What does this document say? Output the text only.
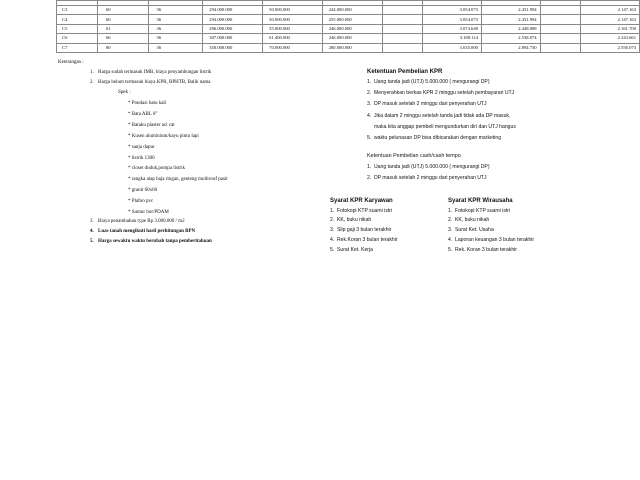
C3	60	36	294.000.000	50.000.000	244.000.000		3.054.073	2.431.994		2.147.163
C4	60	36	294.000.000	50.000.000	255.000.000		3.054.073	2.431.994		2.147.163
C5	61	36	296.000.000	55.000.000	246.000.000		3.074.648	2.448.008		2.161.700
C6	66	36	307.000.000	61.400.000	246.000.000		3.188.114	2.538.074		2.243.661
C7	80	36	350.000.000	70.000.000	280.000.000		3.635.000	2.894.730		2.556.073
Keterangan :
1. Harga sudah termasuk IMB, biaya penyambungan listrik
2. Harga belum termasuk biaya KPR, BPHTB, Balik nama
Spek :
* Pondasi batu kali
* Bata ABL 8"
* Bataku plaster aci cat
* Kusen aluminium/kayu pintu lapi
* sanja dapur
* listrik 1300
* closet duduk,pompa listrik
* rangka atap baja ringan, genteng multiroof pasir
* granit 60x60
* Plafon pvc
* Sumur bor/PDAM
3. Biaya penambahan type Rp 3.000.000 / m2
4. Luas tanah mengikuti hasil perhitungan BPN
5. Harga sewaktu waktu berubah tanpa pemberitahuan
Ketentuan Pembelian KPR
1. Uang tanda jadi (UTJ) 5.000.000 ( mengurangi DP)
2. Menyerahkan berkas KPR 2 minggu setelah pembayaran UTJ
3. DP masuk setelah 2 minggu dari penyerahan UTJ
4. Jika dalam 2 minggu setelah tanda jadi tidak ada DP masuk,
maka kita anggap pembeli mengundurkan diri dan UTJ hangus
5. waktu pelunasan DP bisa dibicarakan dengan marketing
Ketentuan Pembelian cash/cash tempo
1. Uang tanda jadi (UTJ) 5.000.000 ( mengurangi DP)
2. DP masuk setelah 2 minggu dari penyerahan UTJ
Syarat KPR Karyawan
1. Fotokopi KTP suami istri
2. KK, buku nikah
3. Slip gaji 3 bulan terakhir
4. Rek.Koran 3 bulan terakhir
5. Surat Ket. Kerja
Syarat KPR Wirausaha
1. Fotokopi KTP suami istri
2. KK, buku nikah
3. Surat Ket. Usaha
4. Laporan keuangan 3 bulan terakhir
5. Rek. Koran 3 bulan terakhir
